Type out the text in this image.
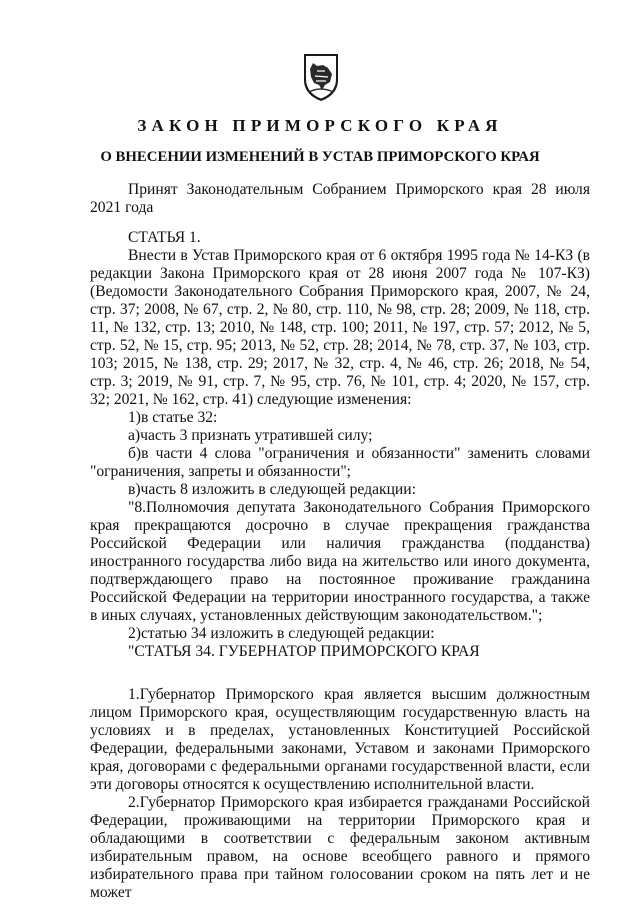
ЗАКОН ПРИМОРСКОГО КРАЯ
О ВНЕСЕНИИ ИЗМЕНЕНИЙ В УСТАВ ПРИМОРСКОГО КРАЯ

Принят Законодательным Собранием Приморского края 28 июля 2021 года

СТАТЬЯ 1.

Внести в Устав Приморского края от 6 октября 1995 года № 14-КЗ (в редакции Закона Приморского края от 28 июня 2007 года № 107-КЗ) (Ведомости Законодательного Собрания Приморского края, 2007, № 24, стр. 37; 2008, № 67, стр. 2, № 80, стр. 110, № 98, стр. 28; 2009, № 118, стр. 11, № 132, стр. 13; 2010, № 148, стр. 100; 2011, № 197, стр. 57; 2012, № 5, стр. 52, № 15, стр. 95; 2013, № 52, стр. 28; 2014, № 78, стр. 37, № 103, стр. 103; 2015, № 138, стр. 29; 2017, № 32, стр. 4, № 46, стр. 26; 2018, № 54, стр. 3; 2019, № 91, стр. 7, № 95, стр. 76, № 101, стр. 4; 2020, № 157, стр. 32; 2021, № 162, стр. 41) следующие изменения:

1)в статье 32:

а)часть 3 признать утратившей силу;

б)в части 4 слова "ограничения и обязанности" заменить словами "ограничения, запреты и обязанности";

в)часть 8 изложить в следующей редакции:

"8.Полномочия депутата Законодательного Собрания Приморского края прекращаются досрочно в случае прекращения гражданства Российской Федерации или наличия гражданства (подданства) иностранного государства либо вида на жительство или иного документа, подтверждающего право на постоянное проживание гражданина Российской Федерации на территории иностранного государства, а также в иных случаях, установленных действующим законодательством.";

2)статью 34 изложить в следующей редакции:

"СТАТЬЯ 34. ГУБЕРНАТОР ПРИМОРСКОГО КРАЯ

1.Губернатор Приморского края является высшим должностным лицом Приморского края, осуществляющим государственную власть на условиях и в пределах, установленных Конституцией Российской Федерации, федеральными законами, Уставом и законами Приморского края, договорами с федеральными органами государственной власти, если эти договоры относятся к осуществлению исполнительной власти.

2.Губернатор Приморского края избирается гражданами Российской Федерации, проживающими на территории Приморского края и обладающими в соответствии с федеральным законом активным избирательным правом, на основе всеобщего равного и прямого избирательного права при тайном голосовании сроком на пять лет и не может
